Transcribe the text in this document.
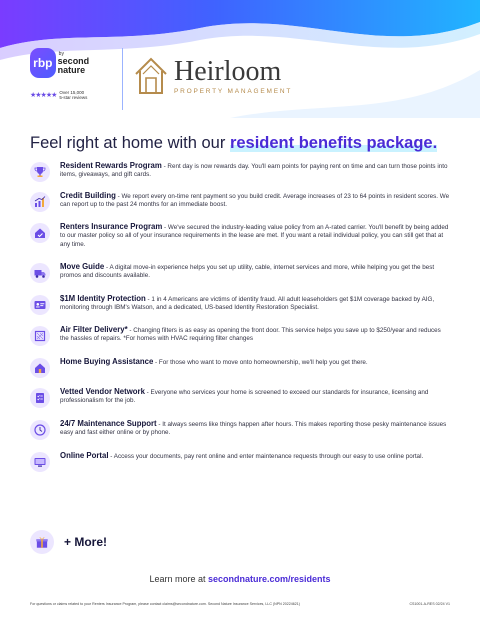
rbp
by
second nature
★★★★★ Over 15,000
5-star reviews
Heirloom
PROPERTY MANAGEMENT
Feel right at home with our resident benefits package.
Resident Rewards Program - Rent day is now rewards day. You'll earn points for paying rent on time and can turn those points into items, giveaways, and gift cards.
Credit Building - We report every on-time rent payment so you build credit. Average increases of 23 to 64 points in resident scores. We can report up to the past 24 months for an immediate boost.
Renters Insurance Program - We've secured the industry-leading value policy from an A-rated carrier. You'll benefit by being added to our master policy so all of your insurance requirements in the lease are met. If you want a retail individual policy, you can still get that at any time.
Move Guide - A digital move-in experience helps you set up utility, cable, internet services and more, while helping you get the best promos and discounts available.
$1M Identity Protection - 1 in 4 Americans are victims of identity fraud. All adult leaseholders get $1M coverage backed by AIG, monitoring through IBM's Watson, and a dedicated, US-based Identity Restoration Specialist.
Air Filter Delivery* - Changing filters is as easy as opening the front door. This service helps you save up to $250/year and reduces the hassles of repairs. *For homes with HVAC requiring filter changes
Home Buying Assistance - For those who want to move onto homeownership, we'll help you get there.
Vetted Vendor Network - Everyone who services your home is screened to exceed our standards for insurance, licensing and professionalism for the job.
24/7 Maintenance Support - It always seems like things happen after hours. This makes reporting those pesky maintenance issues easy and fast either online or by phone.
Online Portal - Access your documents, pay rent online and enter maintenance requests through our easy to use online portal.
+ More!
Learn more at secondnature.com/residents
For questions or claims related to your Renters Insurance Program, please contact claims@secondnature.com. Second Nature Insurance Services, LLC (NPN 20224621)	CS1001-A-RES 02/24 V1
